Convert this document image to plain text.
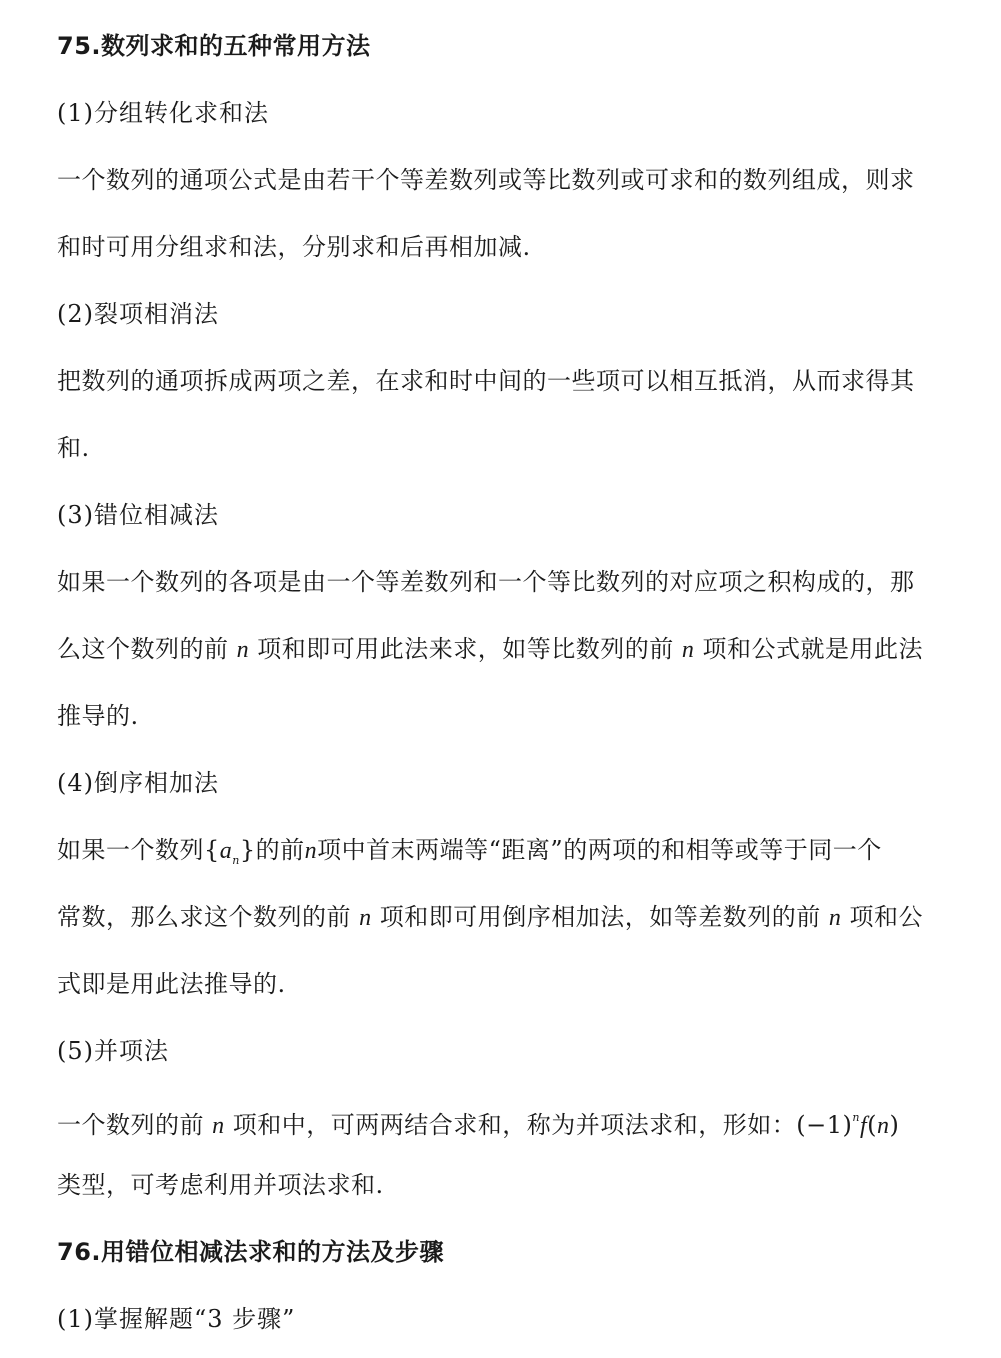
75.数列求和的五种常用方法
(1)分组转化求和法
一个数列的通项公式是由若干个等差数列或等比数列或可求和的数列组成，则求
和时可用分组求和法，分别求和后再相加减.
(2)裂项相消法
把数列的通项拆成两项之差，在求和时中间的一些项可以相互抵消，从而求得其
和.
(3)错位相减法
如果一个数列的各项是由一个等差数列和一个等比数列的对应项之积构成的，那
么这个数列的前 n 项和即可用此法来求，如等比数列的前 n 项和公式就是用此法
推导的.
(4)倒序相加法
如果一个数列$\{a_n\}$的前n项中首末两端等“距离”的两项的和相等或等于同一个
常数，那么求这个数列的前 n 项和即可用倒序相加法，如等差数列的前 n 项和公
式即是用此法推导的.
(5)并项法
一个数列的前 n 项和中，可两两结合求和，称为并项法求和，形如：$(-1)^nf(n)$
类型，可考虑利用并项法求和.
76.用错位相减法求和的方法及步骤
(1)掌握解题“3 步骤”
